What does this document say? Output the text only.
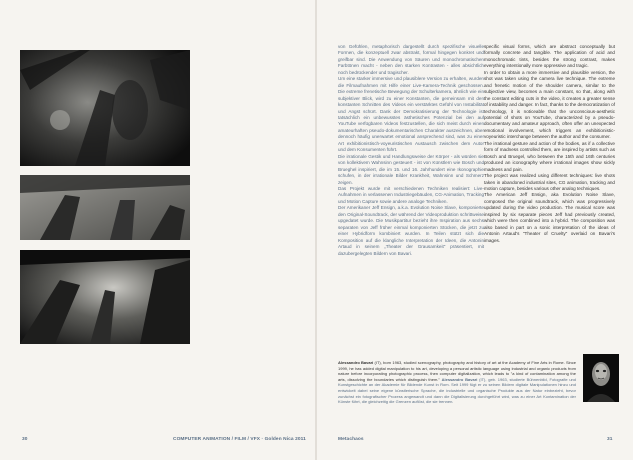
von Gefühlen, metaphorisch dargestellt durch spezifische visuelle Formen, die konzeptuell zwar abstrakt, formal hingegen konkret und greifbar sind. Die Anwendung von Säuren und monochromatischen Farbtönen macht - neben den starken Kontrasten - alles absichtlich noch bedrückender und tragischer.

Um eine starker immersive und plausiblere Version zu erhalten, wurden die Filmaufnahmen mit Hilfe einer Live-Kamera-Technik geschossen. Die extreme frenetische Bewegung der Schulterkamera, ähnlich wie ein subjektiver Blick, wird zu einer Konstanten, die gemeinsam mit den konstanten Schnitten des Videos ein verstärktes Gefühl von Instabilität und Angst schürt. Dank der Demokratisierung der Technologie ist tatsächlich ein unbewusstes ästhetisches Potenzial bei den auf YouTube verfügbaren Videos festzustellen, die sich meist durch einen amateurhaften pseudo-dokumentarischen Charakter auszeichnen, aber dennoch häufig unerwartet emotional ansprechend sind, was zu einer Art exhibitionistisch-voyeuristischen Austausch zwischen dem Autor und dem Konsumenten führt.

Die irrationale Gestik und Handlungsweise der Körper - als würden sie von kollektivem Wahnsinn gesteuert - ist von Künstlern wie Bosch und Brueghel inspiriert, die im 15. und 16. Jahrhundert eine Ikonographie schufen, in der irrationale Bilder Krankheit, Wahnsinn und Schmerz zeigen.

Das Projekt wurde mit verschiedenen Techniken realisiert: Live-Aufnahmen in verlassenen Industriegebäuden, CG-Animation, Tracking und Motion Capture sowie andere analoge Techniken.

Der Amerikaner Jeff Ensign, a.k.a. Evolution Noise Slave, komponierte den Original-Soundtrack, der während der Videoproduktion schrittweise upgedatet wurde. Die Musikpartitur bezieht ihre Inspiration aus sechs separaten von Jeff früher einmal komponierten Stücken, die jetzt zu einer Hybridform kombiniert wurden. In Teilen stützt sich die Komposition auf die klangliche Interpretation der Ideen, die Antonin Artaud in seinem „Theater der Grausamkeit" präsentiert, mit dazubergelegten Bildern von Bavari.

specific visual forms, which are abstract conceptually but formally concrete and tangible. The application of acid and monochromatic tints, besides the strong contrast, makes everything intentionally more oppressive and tragic.

In order to obtain a more immersive and plausible version, the shot was taken using the camera live technique. The extreme and frenetic motion of the shoulder camera, similar to the subjective view, becomes a main constant, so that, along with the constant editing cuts in the video, it creates a greater sense of instability and danger. In fact, thanks to the democratization of technology, it is noticeable that the unconscious-aesthetic potential of shots on YouTube, characterized by a pseudo-documentary and amateur approach, often offer an unexpected emotional involvement, which triggers an exhibitionistic-voyeuristic interchange between the author and the consumer.

The irrational gesture and action of the bodies, as if a collective form of madness controlled them, are inspired by artists such as Bosch and Bruegel, who between the 15th and 16th centuries produced an iconography where irrational images show sickly madness and pain.

The project was realized using different techniques: live shots taken in abandoned industrial sites, CG animation, tracking and motion capture, besides various other analog techniques.

The American Jeff Ensign, aka Evolution Noise Slave, composed the original soundtrack, which was progressively updated during the video production. The musical score was inspired by six separate pieces Jeff had previously created, which were then combined into a hybrid. The composition was also based in part on a sonic interpretation of the ideas of Antonin Artaud's "Theater of Cruelty" overlaid on Bavari's images.

Alessandro Bavari (IT), born 1963, studied scenography, photography and history of art at the Academy of Fine Arts in Rome. Since 1999, he has added digital manipulation to his art, developing a personal artistic language using industrial and organic products from nature before incorporating photographic process, then computer digitalization, which leads to "a kind of contamination among the arts, dissolving the boundaries which distinguish them." Alessandro Bavari (IT), geb. 1963, studierte Bühnenbild, Fotografie und Kunstgeschichte an der Akademie für Bildende Kunst in Rom. Seit 1999 fügt er zu seinen Bildern digitale Manipulationen hinzu und entwickelt dabei seine eigene künstlerische Sprache, die industrielle und organische Produkte aus der Natur einbezieht, bevor zunächst ein fotografischer Prozess angewandt und dann die Digitalisierung durchgeführt wird, was zu einer Art Kontamination der Künste führt, die gleichzeitig die Grenzen auflöst, die sie trennen.
30	COMPUTER ANIMATION / FILM / VFX · Golden Nica 2011	Metachaos	31
